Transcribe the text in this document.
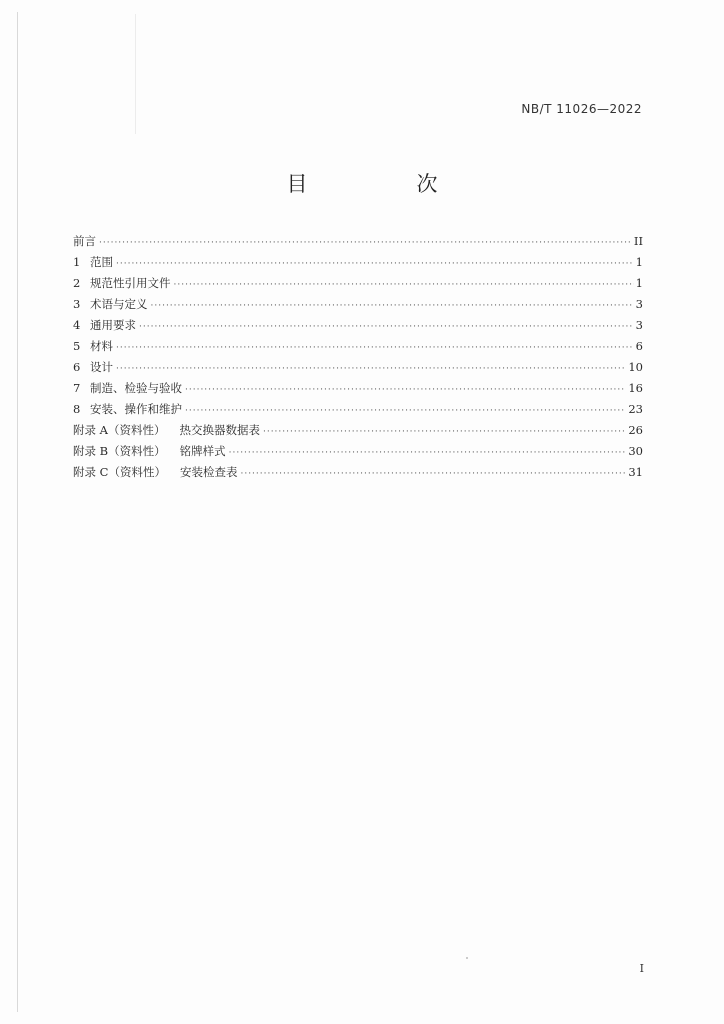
NB/T 11026—2022
目　次
前言 ·····	II
1 范围 ·····	1
2 规范性引用文件 ·····	1
3 术语与定义 ·····	3
4 通用要求 ·····	3
5 材料 ·····	6
6 设计 ·····	10
7 制造、检验与验收 ·····	16
8 安装、操作和维护 ·····	23
附录 A（资料性） 热交换器数据表 ·····	26
附录 B（资料性） 铭牌样式 ·····	30
附录 C（资料性） 安装检查表 ·····	31
I
